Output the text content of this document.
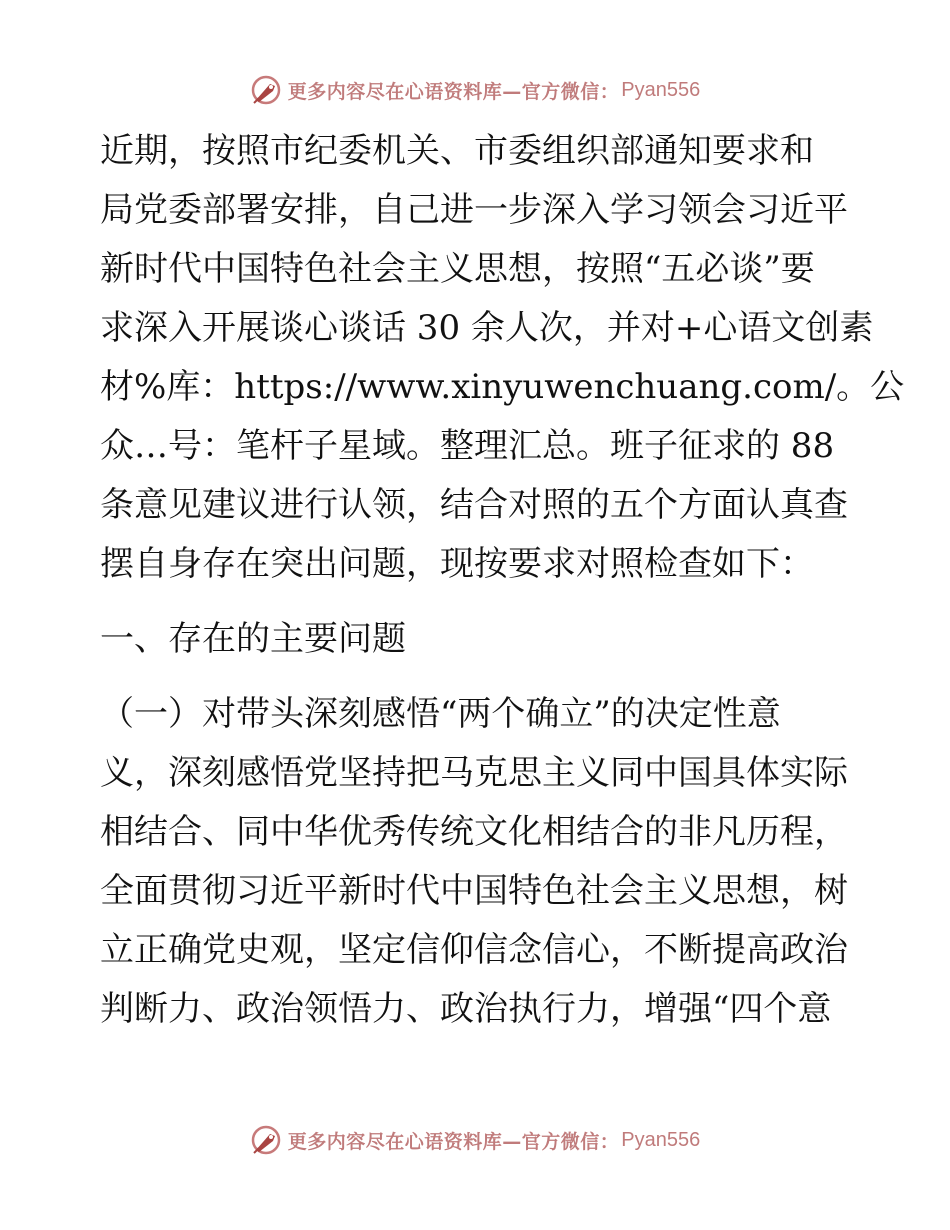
更多内容尽在心语资料库—官方微信： Pyan556
近期，按照市纪委机关、市委组织部通知要求和
局党委部署安排，自己进一步深入学习领会习近平
新时代中国特色社会主义思想，按照“五必谈”要
求深入开展谈心谈话 30 余人次，并对+心语文创素
材%库：https://www.xinyuwenchuang.com/。公
众…号：笔杆子星域。整理汇总。班子征求的 88
条意见建议进行认领，结合对照的五个方面认真查
摆自身存在突出问题，现按要求对照检查如下：
一、存在的主要问题
（一）对带头深刻感悟“两个确立”的决定性意
义，深刻感悟党坚持把马克思主义同中国具体实际
相结合、同中华优秀传统文化相结合的非凡历程，
全面贯彻习近平新时代中国特色社会主义思想，树
立正确党史观，坚定信仰信念信心，不断提高政治
判断力、政治领悟力、政治执行力，增强“四个意
更多内容尽在心语资料库—官方微信： Pyan556
